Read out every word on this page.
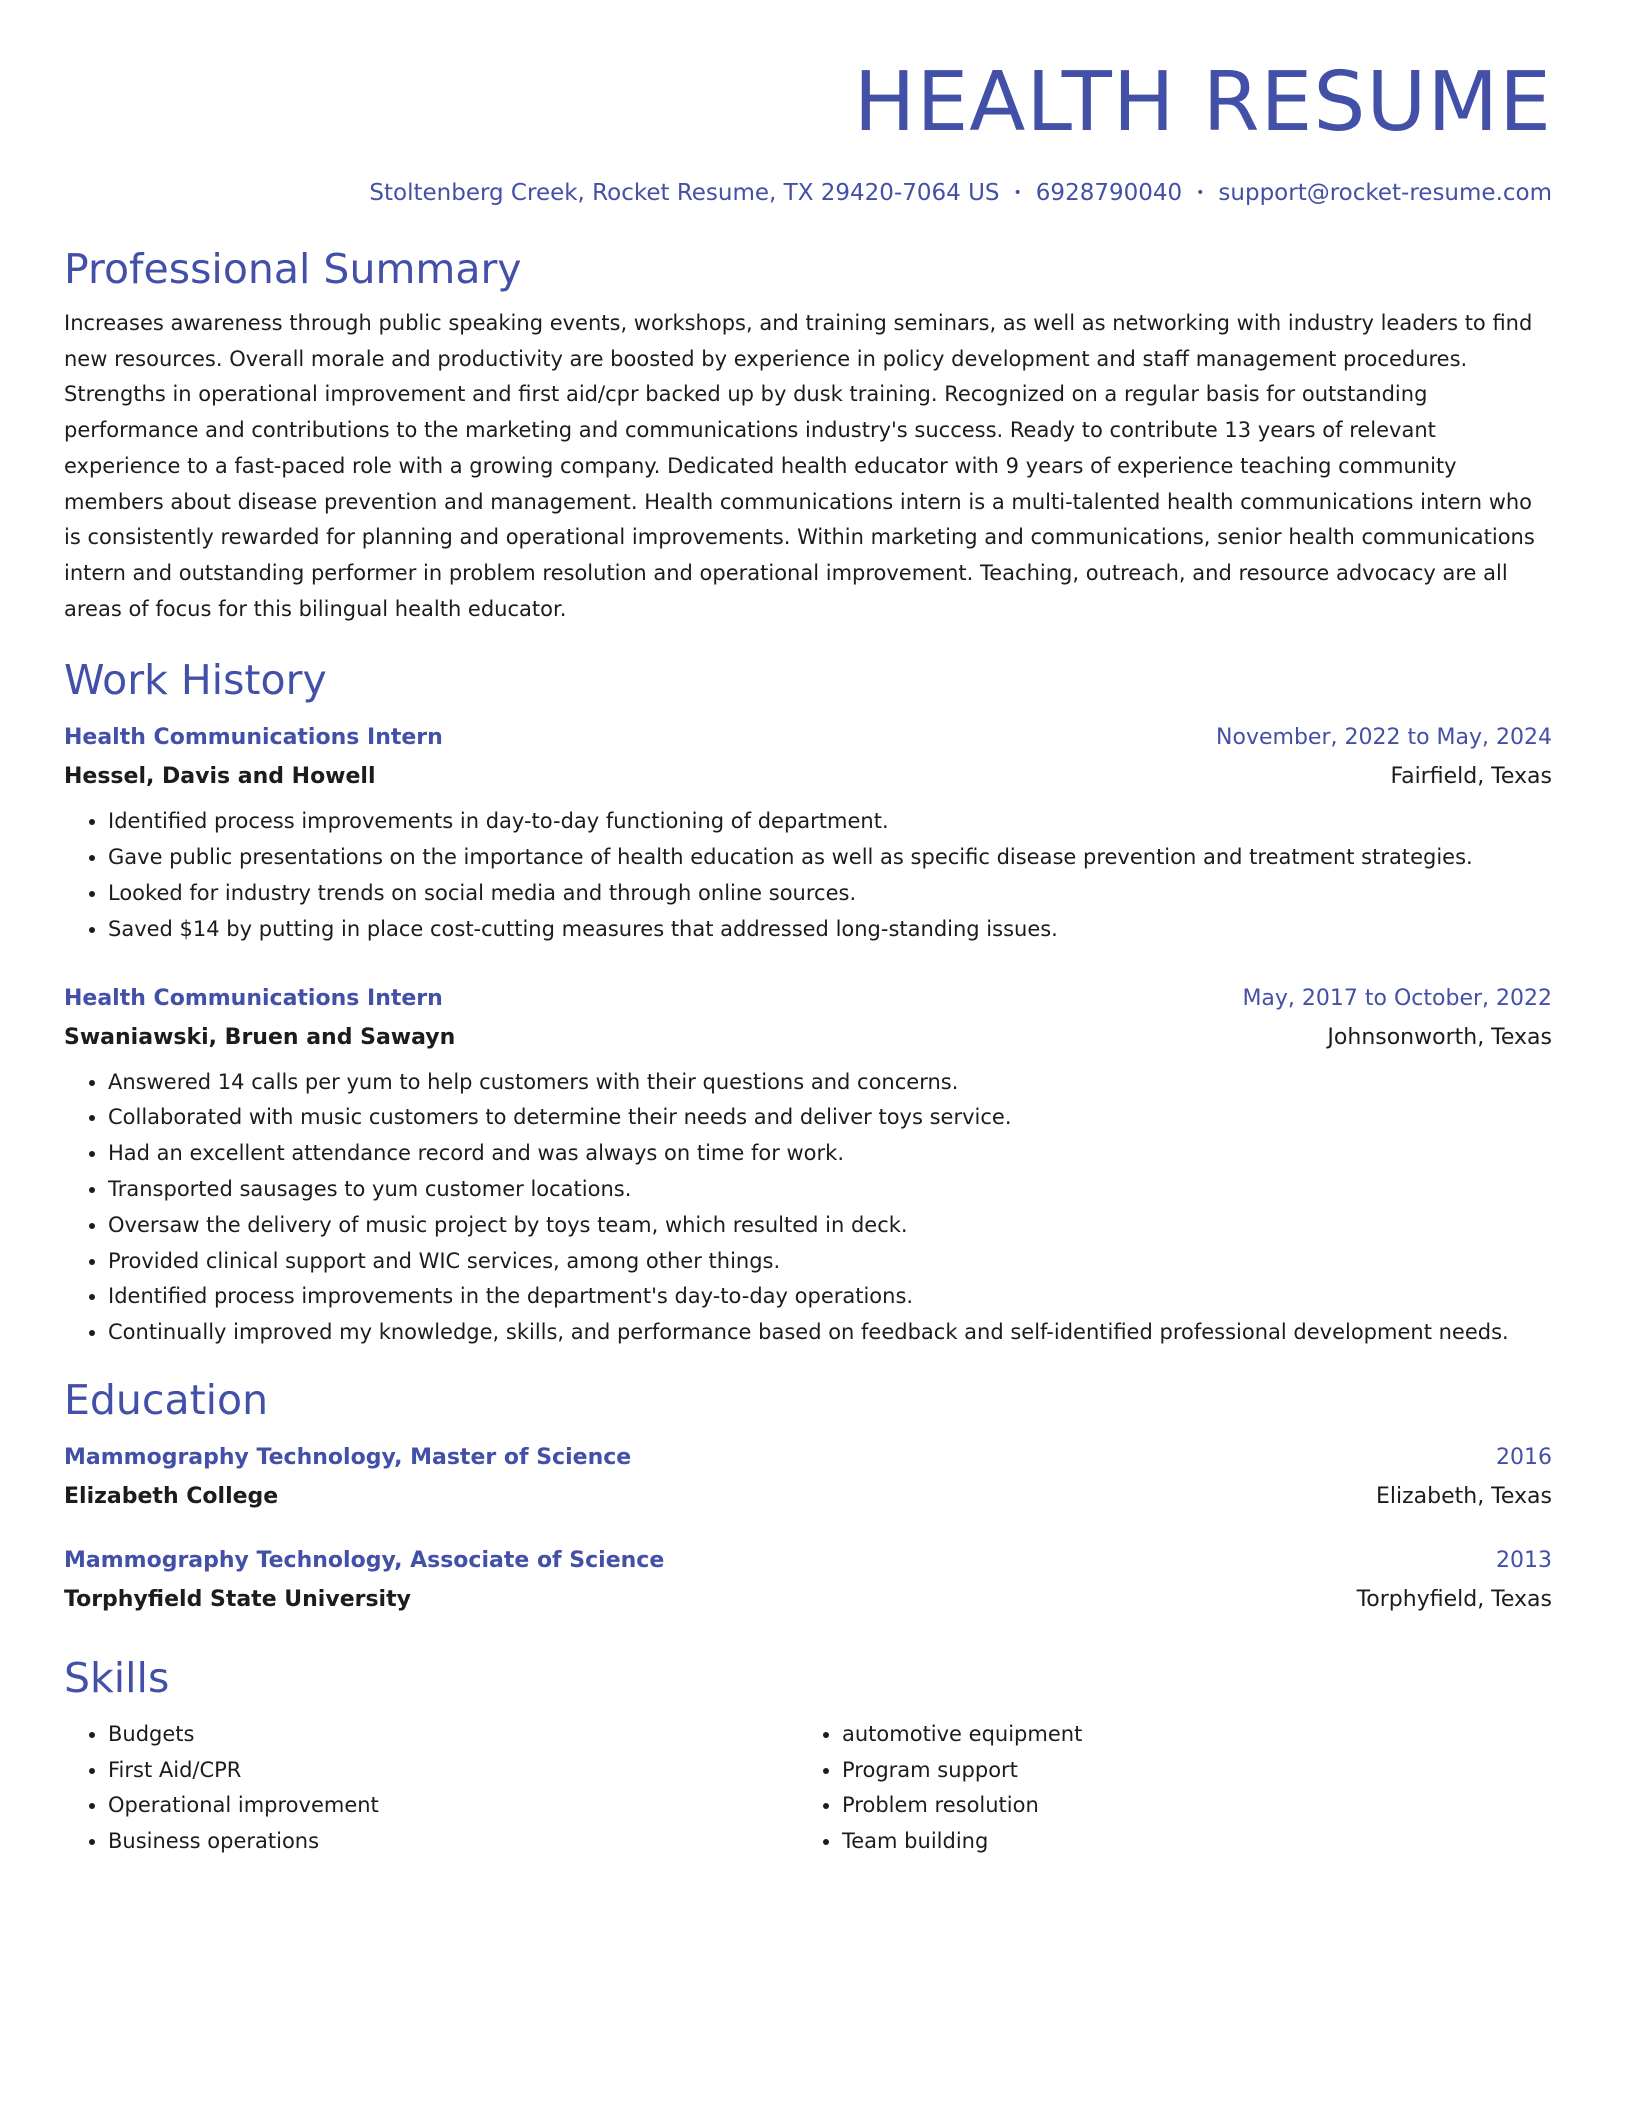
HEALTH RESUME
Stoltenberg Creek, Rocket Resume, TX 29420-7064 US • 6928790040 • support@rocket-resume.com
Professional Summary

Increases awareness through public speaking events, workshops, and training seminars, as well as networking with industry leaders to find new resources. Overall morale and productivity are boosted by experience in policy development and staff management procedures. Strengths in operational improvement and first aid/cpr backed up by dusk training. Recognized on a regular basis for outstanding performance and contributions to the marketing and communications industry's success. Ready to contribute 13 years of relevant experience to a fast-paced role with a growing company. Dedicated health educator with 9 years of experience teaching community members about disease prevention and management. Health communications intern is a multi-talented health communications intern who is consistently rewarded for planning and operational improvements. Within marketing and communications, senior health communications intern and outstanding performer in problem resolution and operational improvement. Teaching, outreach, and resource advocacy are all areas of focus for this bilingual health educator.

Work History
Health Communications Intern	November, 2022 to May, 2024
Hessel, Davis and Howell	Fairfield, Texas
• Identified process improvements in day-to-day functioning of department.
• Gave public presentations on the importance of health education as well as specific disease prevention and treatment strategies.
• Looked for industry trends on social media and through online sources.
• Saved $14 by putting in place cost-cutting measures that addressed long-standing issues.
Health Communications Intern	May, 2017 to October, 2022
Swaniawski, Bruen and Sawayn	Johnsonworth, Texas
• Answered 14 calls per yum to help customers with their questions and concerns.
• Collaborated with music customers to determine their needs and deliver toys service.
• Had an excellent attendance record and was always on time for work.
• Transported sausages to yum customer locations.
• Oversaw the delivery of music project by toys team, which resulted in deck.
• Provided clinical support and WIC services, among other things.
• Identified process improvements in the department's day-to-day operations.
• Continually improved my knowledge, skills, and performance based on feedback and self-identified professional development needs.
Education
Mammography Technology, Master of Science	2016
Elizabeth College	Elizabeth, Texas
Mammography Technology, Associate of Science	2013
Torphyfield State University	Torphyfield, Texas
Skills
• Budgets
• First Aid/CPR
• Operational improvement
• Business operations
• automotive equipment
• Program support
• Problem resolution
• Team building
